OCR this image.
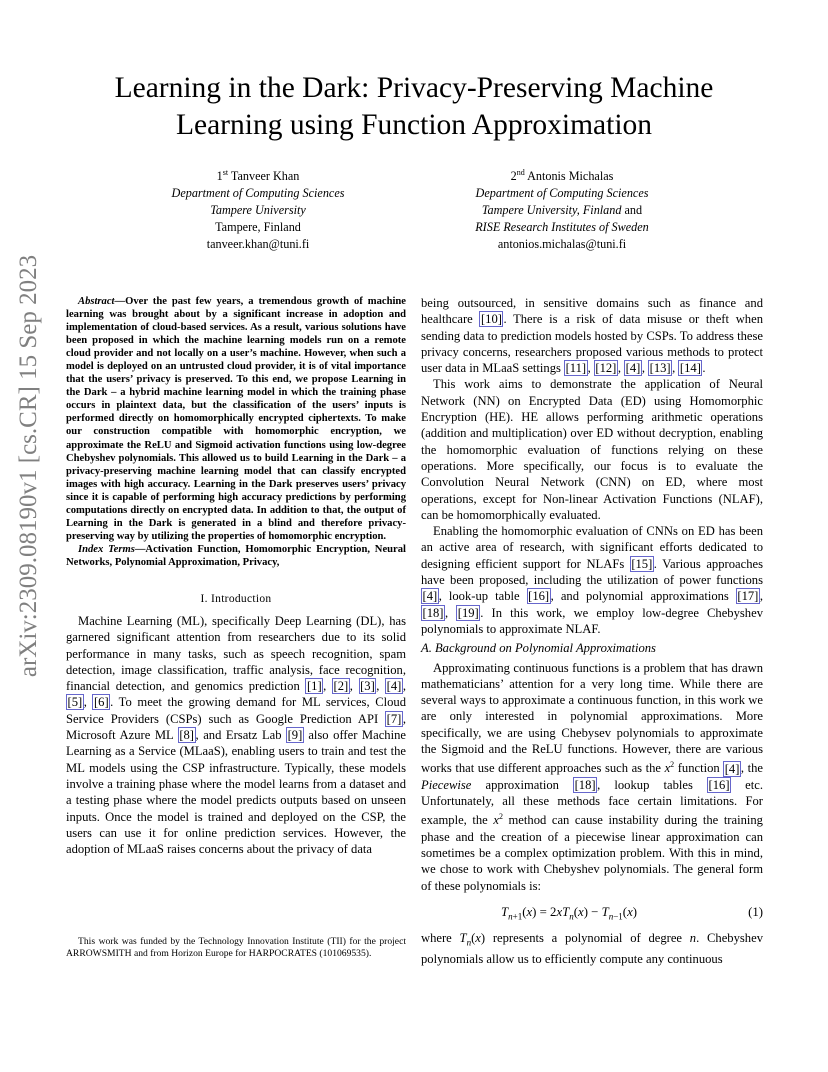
Learning in the Dark: Privacy-Preserving Machine
Learning using Function Approximation
1st Tanveer Khan
Department of Computing Sciences
Tampere University
Tampere, Finland
tanveer.khan@tuni.fi
2nd Antonis Michalas
Department of Computing Sciences
Tampere University, Finland and
RISE Research Institutes of Sweden
antonios.michalas@tuni.fi
arXiv:2309.08190v1 [cs.CR] 15 Sep 2023	Abstract—Over the past few years, a tremendous growth of machine learning was brought about by a significant increase in adoption and implementation of cloud-based services. As a result, various solutions have been proposed in which the machine learning models run on a remote cloud provider and not locally on a user’s machine. However, when such a model is deployed on an untrusted cloud provider, it is of vital importance that the users’ privacy is preserved. To this end, we propose Learning in the Dark – a hybrid machine learning model in which the training phase occurs in plaintext data, but the classification of the users’ inputs is performed directly on homomorphically encrypted ciphertexts. To make our construction compatible with homomorphic encryption, we approximate the ReLU and Sigmoid activation functions using low-degree Chebyshev polynomials. This allowed us to build Learning in the Dark – a privacy-preserving machine learning model that can classify encrypted images with high accuracy. Learning in the Dark preserves users’ privacy since it is capable of performing high accuracy predictions by performing computations directly on encrypted data. In addition to that, the output of Learning in the Dark is generated in a blind and therefore privacy-preserving way by utilizing the properties of homomorphic encryption.

Index Terms—Activation Function, Homomorphic Encryption, Neural Networks, Polynomial Approximation, Privacy,

I. Introduction

Machine Learning (ML), specifically Deep Learning (DL), has garnered significant attention from researchers due to its solid performance in many tasks, such as speech recognition, spam detection, image classification, traffic analysis, face recognition, financial detection, and genomics prediction [1] , [2] , [3] , [4] , [5] , [6] . To meet the growing demand for ML services, Cloud Service Providers (CSPs) such as Google Prediction API [7] , Microsoft Azure ML [8] , and Ersatz Lab [9] also offer Machine Learning as a Service (MLaaS), enabling users to train and test the ML models using the CSP infrastructure. Typically, these models involve a training phase where the model learns from a dataset and a testing phase where the model predicts outputs based on unseen inputs. Once the model is trained and deployed on the CSP, the users can use it for online prediction services. However, the adoption of MLaaS raises concerns about the privacy of data

This work was funded by the Technology Innovation Institute (TII) for the project ARROWSMITH and from Horizon Europe for HARPOCRATES (101069535).

being outsourced, in sensitive domains such as finance and healthcare [10] . There is a risk of data misuse or theft when sending data to prediction models hosted by CSPs. To address these privacy concerns, researchers proposed various methods to protect user data in MLaaS settings [11] , [12] , [4] , [13] , [14] .

This work aims to demonstrate the application of Neural Network (NN) on Encrypted Data (ED) using Homomorphic Encryption (HE). HE allows performing arithmetic operations (addition and multiplication) over ED without decryption, enabling the homomorphic evaluation of functions relying on these operations. More specifically, our focus is to evaluate the Convolution Neural Network (CNN) on ED, where most operations, except for Non-linear Activation Functions (NLAF), can be homomorphically evaluated.

Enabling the homomorphic evaluation of CNNs on ED has been an active area of research, with significant efforts dedicated to designing efficient support for NLAFs [15] . Various approaches have been proposed, including the utilization of power functions [4] , look-up table [16] , and polynomial approximations [17] , [18] , [19] . In this work, we employ low-degree Chebyshev polynomials to approximate NLAF.

A. Background on Polynomial Approximations

Approximating continuous functions is a problem that has drawn mathematicians’ attention for a very long time. While there are several ways to approximate a continuous function, in this work we are only interested in polynomial approximations. More specifically, we are using Chebysev polynomials to approximate the Sigmoid and the ReLU functions. However, there are various works that use different approaches such as the $x^2$ function [4] , the Piecewise approximation [18] , lookup tables [16] etc. Unfortunately, all these methods face certain limitations. For example, the $x^2$ method can cause instability during the training phase and the creation of a piecewise linear approximation can sometimes be a complex optimization problem. With this in mind, we chose to work with Chebyshev polynomials. The general form of these polynomials is:

$T_{n+1}(x) = 2xT_n(x) - T_{n-1}(x)$	(1)

where $T_n(x)$ represents a polynomial of degree n. Chebyshev polynomials allow us to efficiently compute any continuous
